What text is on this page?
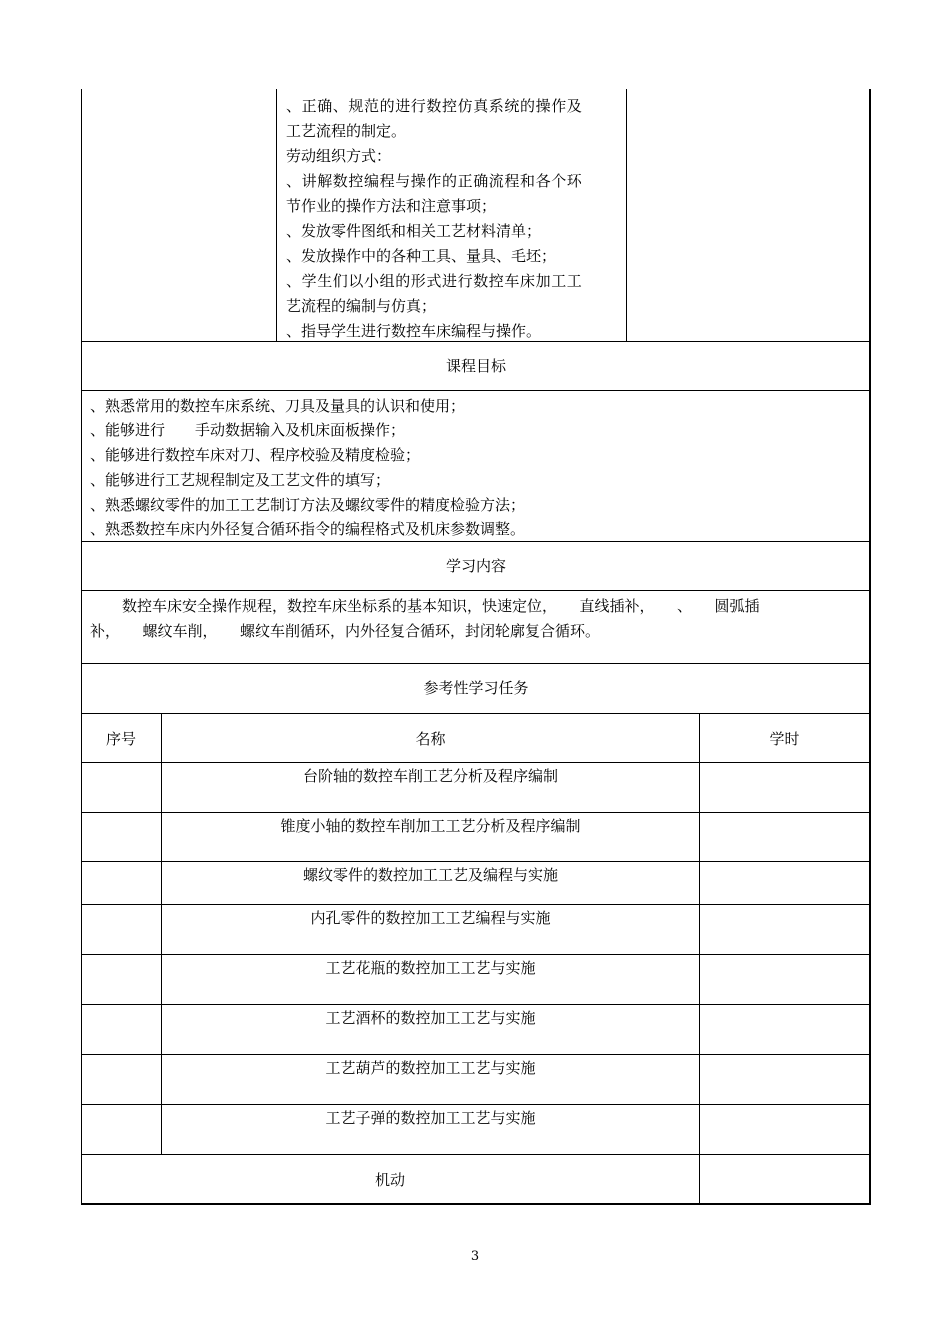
、正确、规范的进行数控仿真系统的操作及
工艺流程的制定。
劳动组织方式：
、讲解数控编程与操作的正确流程和各个环
节作业的操作方法和注意事项；
、发放零件图纸和相关工艺材料清单；
、发放操作中的各种工具、量具、毛坯；
、学生们以小组的形式进行数控车床加工工
艺流程的编制与仿真；
、指导学生进行数控车床编程与操作。
课程目标
、熟悉常用的数控车床系统、刀具及量具的认识和使用；
、能够进行　　手动数据输入及机床面板操作；
、能够进行数控车床对刀、程序校验及精度检验；
、能够进行工艺规程制定及工艺文件的填写；
、熟悉螺纹零件的加工工艺制订方法及螺纹零件的精度检验方法；
、熟悉数控车床内外径复合循环指令的编程格式及机床参数调整。
学习内容
数控车床安全操作规程，数控车床坐标系的基本知识，快速定位，　　直线插补，　　、　　圆弧插
补，　　螺纹车削，　　螺纹车削循环，内外径复合循环，封闭轮廓复合循环。
参考性学习任务
序号	名称	学时
台阶轴的数控车削工艺分析及程序编制
锥度小轴的数控车削加工工艺分析及程序编制
螺纹零件的数控加工工艺及编程与实施
内孔零件的数控加工工艺编程与实施
工艺花瓶的数控加工工艺与实施
工艺酒杯的数控加工工艺与实施
工艺葫芦的数控加工工艺与实施
工艺子弹的数控加工工艺与实施
机动
3
